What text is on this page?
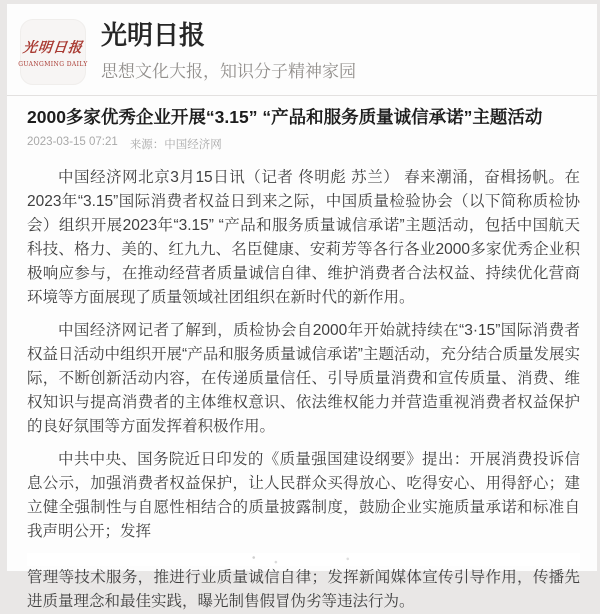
光明日报
GUANGMING DAILY
光明日报
思想文化大报，知识分子精神家园
2000多家优秀企业开展“3.15” “产品和服务质量诚信承诺”主题活动
2023-03-15 07:21 来源：中国经济网

中国经济网北京3月15日讯（记者 佟明彪 苏兰） 春来潮涌，奋楫扬帆。在2023年“3.15”国际消费者权益日到来之际，中国质量检验协会（以下简称质检协会）组织开展2023年“3.15” “产品和服务质量诚信承诺”主题活动，包括中国航天科技、格力、美的、红九九、名臣健康、安莉芳等各行各业2000多家优秀企业积极响应参与，在推动经营者质量诚信自律、维护消费者合法权益、持续优化营商环境等方面展现了质量领域社团组织在新时代的新作用。

中国经济网记者了解到，质检协会自2000年开始就持续在“3·15”国际消费者权益日活动中组织开展“产品和服务质量诚信承诺”主题活动，充分结合质量发展实际，不断创新活动内容，在传递质量信任、引导质量消费和宣传质量、消费、维权知识与提高消费者的主体维权意识、依法维权能力并营造重视消费者权益保护的良好氛围等方面发挥着积极作用。

中共中央、国务院近日印发的《质量强国建设纲要》提出：开展消费投诉信息公示，加强消费者权益保护，让人民群众买得放心、吃得安心、用得舒心；建立健全强制性与自愿性相结合的质量披露制度，鼓励企业实施质量承诺和标准自我声明公开；发挥

管理等技术服务，推进行业质量诚信自律；发挥新闻媒体宣传引导作用，传播先进质量理念和最佳实践，曝光制售假冒伪劣等违法行为。
